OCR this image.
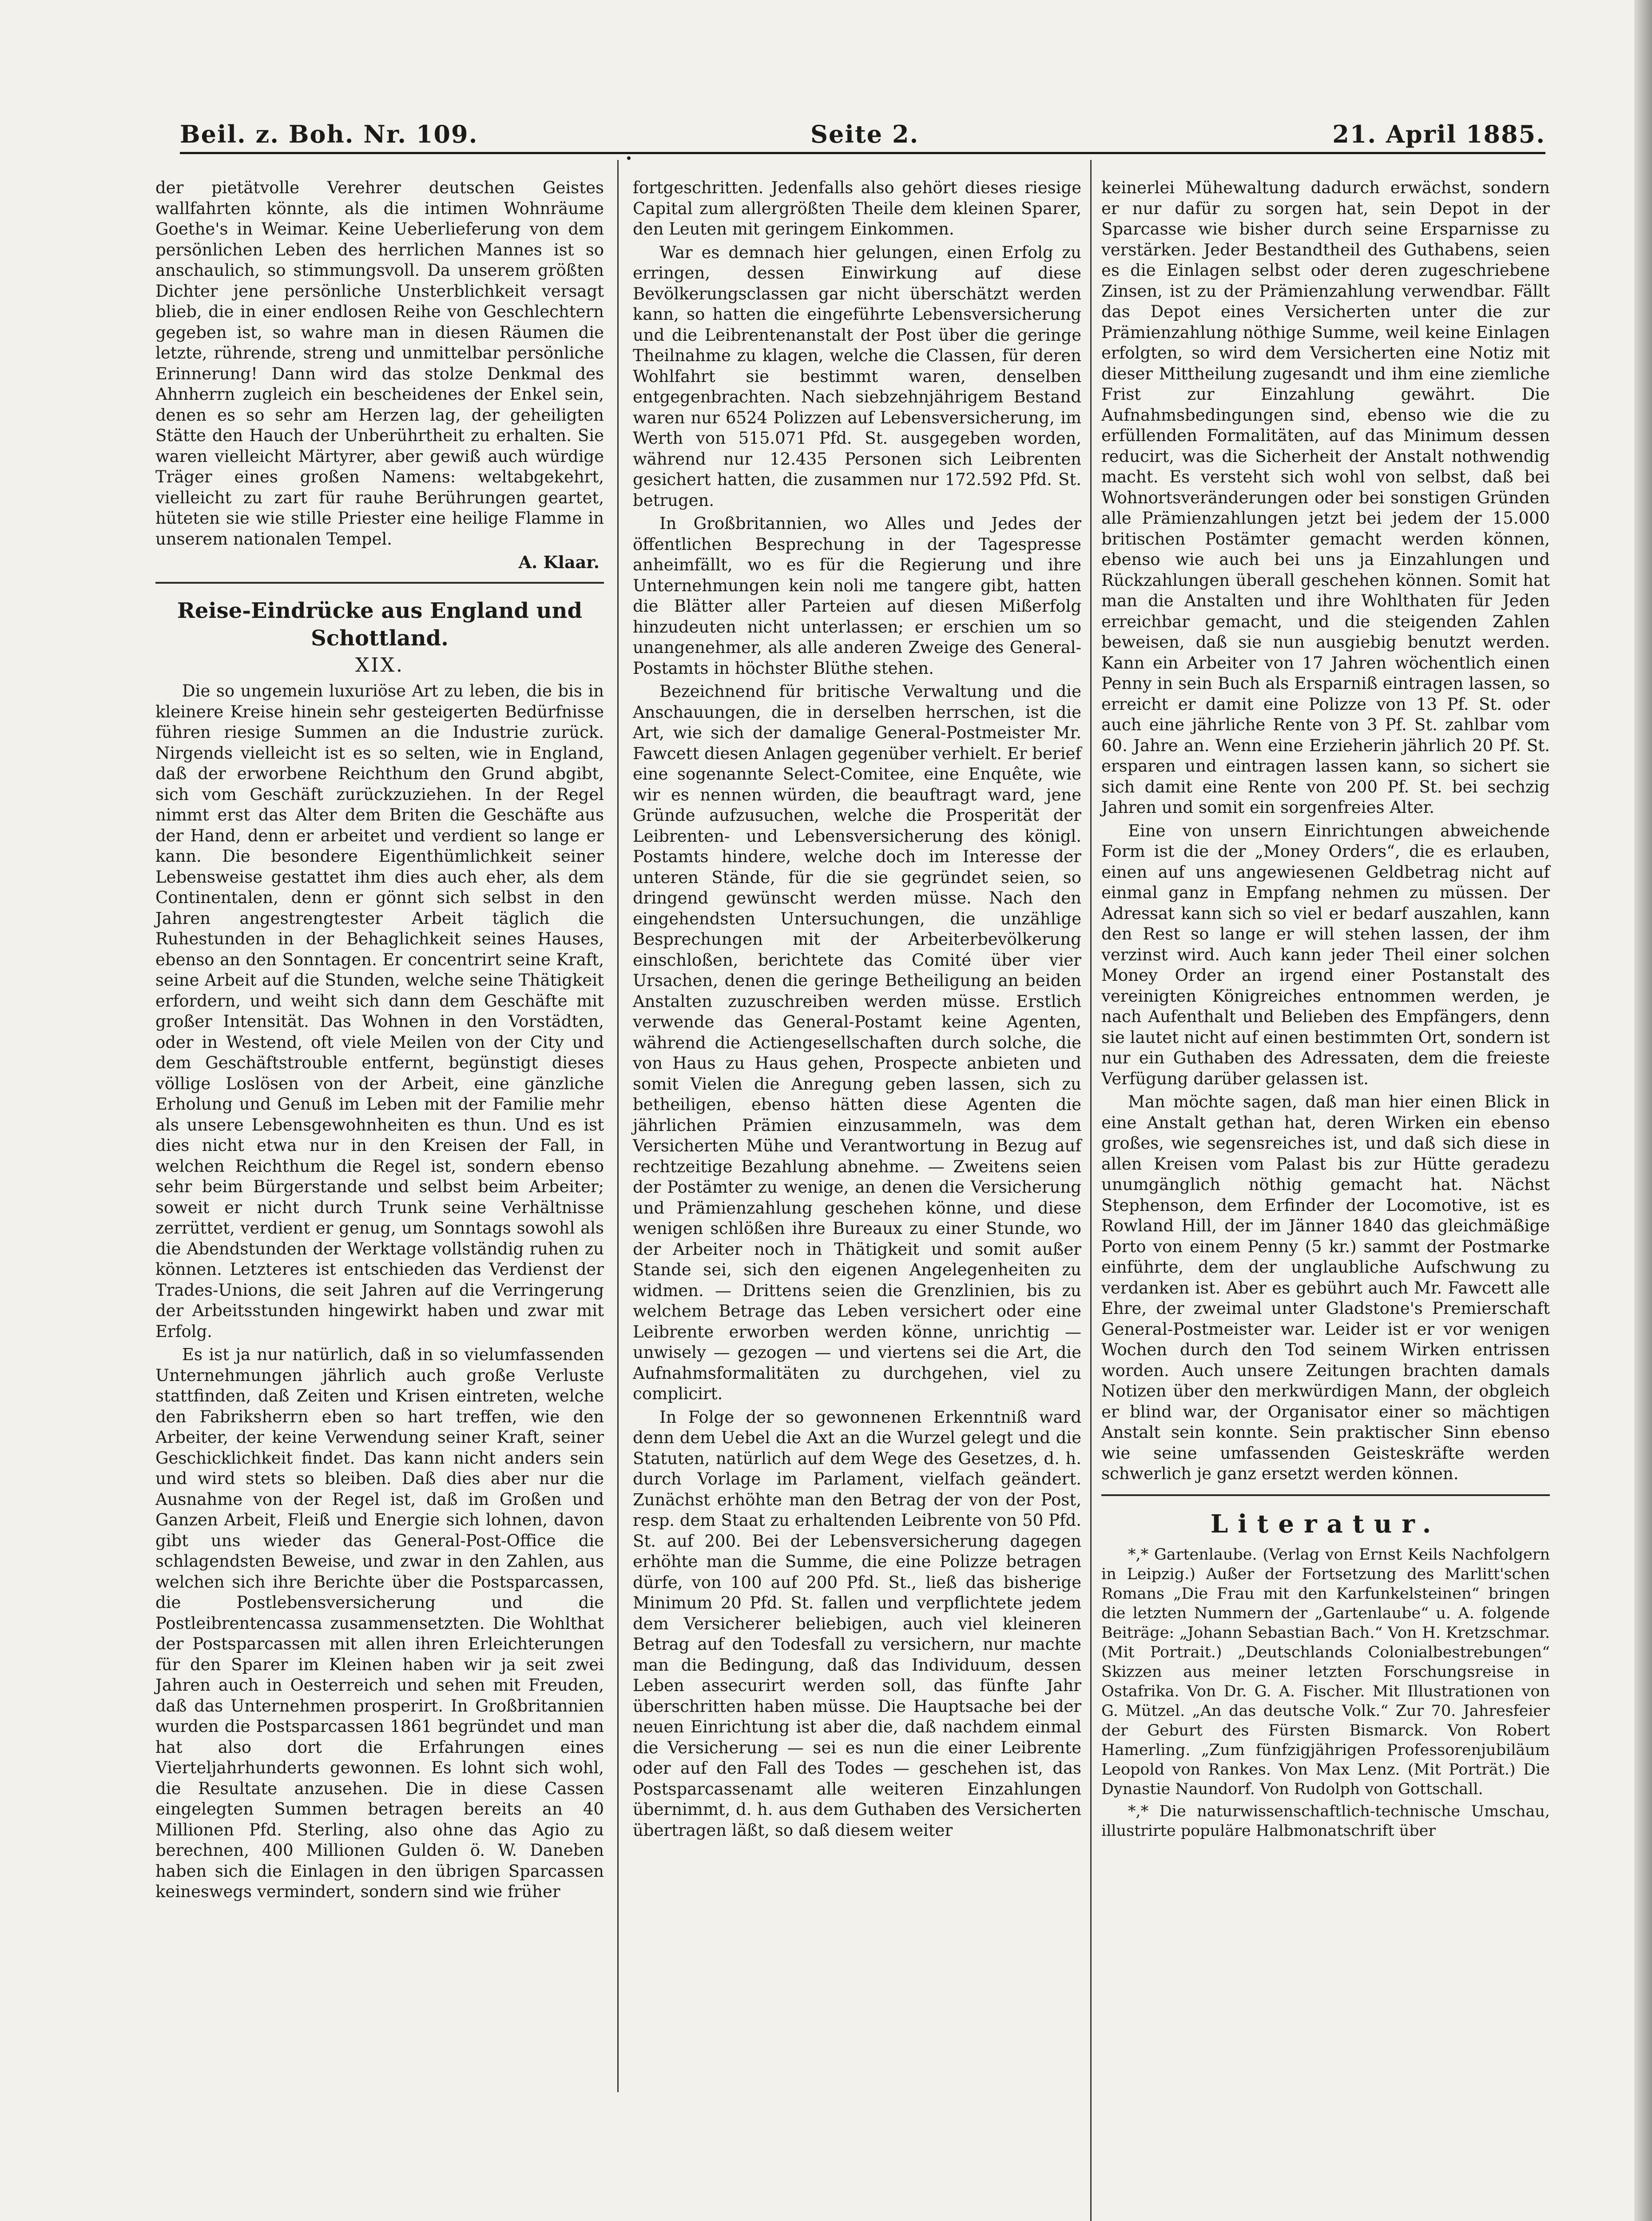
Beil. z. Boh. Nr. 109.	Seite 2.	21. April 1885.

der pietätvolle Verehrer deutschen Geistes wallfahrten könnte, als die intimen Wohnräume Goethe's in Weimar. Keine Ueberlieferung von dem persönlichen Leben des herrlichen Mannes ist so anschaulich, so stimmungsvoll. Da unserem größten Dichter jene persönliche Unsterblichkeit versagt blieb, die in einer endlosen Reihe von Geschlechtern gegeben ist, so wahre man in diesen Räumen die letzte, rührende, streng und unmittelbar persönliche Erinnerung! Dann wird das stolze Denkmal des Ahnherrn zugleich ein bescheidenes der Enkel sein, denen es so sehr am Herzen lag, der geheiligten Stätte den Hauch der Unberührtheit zu erhalten. Sie waren vielleicht Märtyrer, aber gewiß auch würdige Träger eines großen Namens: weltabgekehrt, vielleicht zu zart für rauhe Berührungen geartet, hüteten sie wie stille Priester eine heilige Flamme in unserem nationalen Tempel.

A. Klaar.
Reise-Eindrücke aus England und Schottland.
XIX.

Die so ungemein luxuriöse Art zu leben, die bis in kleinere Kreise hinein sehr gesteigerten Bedürfnisse führen riesige Summen an die Industrie zurück. Nirgends vielleicht ist es so selten, wie in England, daß der erworbene Reichthum den Grund abgibt, sich vom Geschäft zurückzuziehen. In der Regel nimmt erst das Alter dem Briten die Geschäfte aus der Hand, denn er arbeitet und verdient so lange er kann. Die besondere Eigenthümlichkeit seiner Lebensweise gestattet ihm dies auch eher, als dem Continentalen, denn er gönnt sich selbst in den Jahren angestrengtester Arbeit täglich die Ruhestunden in der Behaglichkeit seines Hauses, ebenso an den Sonntagen. Er concentrirt seine Kraft, seine Arbeit auf die Stunden, welche seine Thätigkeit erfordern, und weiht sich dann dem Geschäfte mit großer Intensität. Das Wohnen in den Vorstädten, oder in Westend, oft viele Meilen von der City und dem Geschäftstrouble entfernt, begünstigt dieses völlige Loslösen von der Arbeit, eine gänzliche Erholung und Genuß im Leben mit der Familie mehr als unsere Lebensgewohnheiten es thun. Und es ist dies nicht etwa nur in den Kreisen der Fall, in welchen Reichthum die Regel ist, sondern ebenso sehr beim Bürgerstande und selbst beim Arbeiter; soweit er nicht durch Trunk seine Verhältnisse zerrüttet, verdient er genug, um Sonntags sowohl als die Abendstunden der Werktage vollständig ruhen zu können. Letzteres ist entschieden das Verdienst der Trades-Unions, die seit Jahren auf die Verringerung der Arbeitsstunden hingewirkt haben und zwar mit Erfolg.

Es ist ja nur natürlich, daß in so vielumfassenden Unternehmungen jährlich auch große Verluste stattfinden, daß Zeiten und Krisen eintreten, welche den Fabriksherrn eben so hart treffen, wie den Arbeiter, der keine Verwendung seiner Kraft, seiner Geschicklichkeit findet. Das kann nicht anders sein und wird stets so bleiben. Daß dies aber nur die Ausnahme von der Regel ist, daß im Großen und Ganzen Arbeit, Fleiß und Energie sich lohnen, davon gibt uns wieder das General-Post-Office die schlagendsten Beweise, und zwar in den Zahlen, aus welchen sich ihre Berichte über die Postsparcassen, die Postlebensversicherung und die Postleibrentencassa zusammensetzten. Die Wohlthat der Postsparcassen mit allen ihren Erleichterungen für den Sparer im Kleinen haben wir ja seit zwei Jahren auch in Oesterreich und sehen mit Freuden, daß das Unternehmen prosperirt. In Großbritannien wurden die Postsparcassen 1861 begründet und man hat also dort die Erfahrungen eines Vierteljahrhunderts gewonnen. Es lohnt sich wohl, die Resultate anzusehen. Die in diese Cassen eingelegten Summen betragen bereits an 40 Millionen Pfd. Sterling, also ohne das Agio zu berechnen, 400 Millionen Gulden ö. W. Daneben haben sich die Einlagen in den übrigen Sparcassen keineswegs vermindert, sondern sind wie früher

fortgeschritten. Jedenfalls also gehört dieses riesige Capital zum allergrößten Theile dem kleinen Sparer, den Leuten mit geringem Einkommen.

War es demnach hier gelungen, einen Erfolg zu erringen, dessen Einwirkung auf diese Bevölkerungsclassen gar nicht überschätzt werden kann, so hatten die eingeführte Lebensversicherung und die Leibrentenanstalt der Post über die geringe Theilnahme zu klagen, welche die Classen, für deren Wohlfahrt sie bestimmt waren, denselben entgegenbrachten. Nach siebzehnjährigem Bestand waren nur 6524 Polizzen auf Lebensversicherung, im Werth von 515.071 Pfd. St. ausgegeben worden, während nur 12.435 Personen sich Leibrenten gesichert hatten, die zusammen nur 172.592 Pfd. St. betrugen.

In Großbritannien, wo Alles und Jedes der öffentlichen Besprechung in der Tagespresse anheimfällt, wo es für die Regierung und ihre Unternehmungen kein noli me tangere gibt, hatten die Blätter aller Parteien auf diesen Mißerfolg hinzudeuten nicht unterlassen; er erschien um so unangenehmer, als alle anderen Zweige des General-Postamts in höchster Blüthe stehen.

Bezeichnend für britische Verwaltung und die Anschauungen, die in derselben herrschen, ist die Art, wie sich der damalige General-Postmeister Mr. Fawcett diesen Anlagen gegenüber verhielt. Er berief eine sogenannte Select-Comitee, eine Enquête, wie wir es nennen würden, die beauftragt ward, jene Gründe aufzusuchen, welche die Prosperität der Leibrenten- und Lebensversicherung des königl. Postamts hindere, welche doch im Interesse der unteren Stände, für die sie gegründet seien, so dringend gewünscht werden müsse. Nach den eingehendsten Untersuchungen, die unzählige Besprechungen mit der Arbeiterbevölkerung einschloßen, berichtete das Comité über vier Ursachen, denen die geringe Betheiligung an beiden Anstalten zuzuschreiben werden müsse. Erstlich verwende das General-Postamt keine Agenten, während die Actiengesellschaften durch solche, die von Haus zu Haus gehen, Prospecte anbieten und somit Vielen die Anregung geben lassen, sich zu betheiligen, ebenso hätten diese Agenten die jährlichen Prämien einzusammeln, was dem Versicherten Mühe und Verantwortung in Bezug auf rechtzeitige Bezahlung abnehme. — Zweitens seien der Postämter zu wenige, an denen die Versicherung und Prämienzahlung geschehen könne, und diese wenigen schlößen ihre Bureaux zu einer Stunde, wo der Arbeiter noch in Thätigkeit und somit außer Stande sei, sich den eigenen Angelegenheiten zu widmen. — Drittens seien die Grenzlinien, bis zu welchem Betrage das Leben versichert oder eine Leibrente erworben werden könne, unrichtig — unwisely — gezogen — und viertens sei die Art, die Aufnahmsformalitäten zu durchgehen, viel zu complicirt.

In Folge der so gewonnenen Erkenntniß ward denn dem Uebel die Axt an die Wurzel gelegt und die Statuten, natürlich auf dem Wege des Gesetzes, d. h. durch Vorlage im Parlament, vielfach geändert. Zunächst erhöhte man den Betrag der von der Post, resp. dem Staat zu erhaltenden Leibrente von 50 Pfd. St. auf 200. Bei der Lebensversicherung dagegen erhöhte man die Summe, die eine Polizze betragen dürfe, von 100 auf 200 Pfd. St., ließ das bisherige Minimum 20 Pfd. St. fallen und verpflichtete jedem dem Versicherer beliebigen, auch viel kleineren Betrag auf den Todesfall zu versichern, nur machte man die Bedingung, daß das Individuum, dessen Leben assecurirt werden soll, das fünfte Jahr überschritten haben müsse. Die Hauptsache bei der neuen Einrichtung ist aber die, daß nachdem einmal die Versicherung — sei es nun die einer Leibrente oder auf den Fall des Todes — geschehen ist, das Postsparcassenamt alle weiteren Einzahlungen übernimmt, d. h. aus dem Guthaben des Versicherten übertragen läßt, so daß diesem weiter

keinerlei Mühewaltung dadurch erwächst, sondern er nur dafür zu sorgen hat, sein Depot in der Sparcasse wie bisher durch seine Ersparnisse zu verstärken. Jeder Bestandtheil des Guthabens, seien es die Einlagen selbst oder deren zugeschriebene Zinsen, ist zu der Prämienzahlung verwendbar. Fällt das Depot eines Versicherten unter die zur Prämienzahlung nöthige Summe, weil keine Einlagen erfolgten, so wird dem Versicherten eine Notiz mit dieser Mittheilung zugesandt und ihm eine ziemliche Frist zur Einzahlung gewährt. Die Aufnahmsbedingungen sind, ebenso wie die zu erfüllenden Formalitäten, auf das Minimum dessen reducirt, was die Sicherheit der Anstalt nothwendig macht. Es versteht sich wohl von selbst, daß bei Wohnortsveränderungen oder bei sonstigen Gründen alle Prämienzahlungen jetzt bei jedem der 15.000 britischen Postämter gemacht werden können, ebenso wie auch bei uns ja Einzahlungen und Rückzahlungen überall geschehen können. Somit hat man die Anstalten und ihre Wohlthaten für Jeden erreichbar gemacht, und die steigenden Zahlen beweisen, daß sie nun ausgiebig benutzt werden. Kann ein Arbeiter von 17 Jahren wöchentlich einen Penny in sein Buch als Ersparniß eintragen lassen, so erreicht er damit eine Polizze von 13 Pf. St. oder auch eine jährliche Rente von 3 Pf. St. zahlbar vom 60. Jahre an. Wenn eine Erzieherin jährlich 20 Pf. St. ersparen und eintragen lassen kann, so sichert sie sich damit eine Rente von 200 Pf. St. bei sechzig Jahren und somit ein sorgenfreies Alter.

Eine von unsern Einrichtungen abweichende Form ist die der „Money Orders“, die es erlauben, einen auf uns angewiesenen Geldbetrag nicht auf einmal ganz in Empfang nehmen zu müssen. Der Adressat kann sich so viel er bedarf auszahlen, kann den Rest so lange er will stehen lassen, der ihm verzinst wird. Auch kann jeder Theil einer solchen Money Order an irgend einer Postanstalt des vereinigten Königreiches entnommen werden, je nach Aufenthalt und Belieben des Empfängers, denn sie lautet nicht auf einen bestimmten Ort, sondern ist nur ein Guthaben des Adressaten, dem die freieste Verfügung darüber gelassen ist.

Man möchte sagen, daß man hier einen Blick in eine Anstalt gethan hat, deren Wirken ein ebenso großes, wie segensreiches ist, und daß sich diese in allen Kreisen vom Palast bis zur Hütte geradezu unumgänglich nöthig gemacht hat. Nächst Stephenson, dem Erfinder der Locomotive, ist es Rowland Hill, der im Jänner 1840 das gleichmäßige Porto von einem Penny (5 kr.) sammt der Postmarke einführte, dem der unglaubliche Aufschwung zu verdanken ist. Aber es gebührt auch Mr. Fawcett alle Ehre, der zweimal unter Gladstone's Premierschaft General-Postmeister war. Leider ist er vor wenigen Wochen durch den Tod seinem Wirken entrissen worden. Auch unsere Zeitungen brachten damals Notizen über den merkwürdigen Mann, der obgleich er blind war, der Organisator einer so mächtigen Anstalt sein konnte. Sein praktischer Sinn ebenso wie seine umfassenden Geisteskräfte werden schwerlich je ganz ersetzt werden können.

Literatur.

*,* Gartenlaube. (Verlag von Ernst Keils Nachfolgern in Leipzig.) Außer der Fortsetzung des Marlitt'schen Romans „Die Frau mit den Karfunkelsteinen“ bringen die letzten Nummern der „Gartenlaube“ u. A. folgende Beiträge: „Johann Sebastian Bach.“ Von H. Kretzschmar. (Mit Portrait.) „Deutschlands Colonialbestrebungen“ Skizzen aus meiner letzten Forschungsreise in Ostafrika. Von Dr. G. A. Fischer. Mit Illustrationen von G. Mützel. „An das deutsche Volk.“ Zur 70. Jahresfeier der Geburt des Fürsten Bismarck. Von Robert Hamerling. „Zum fünfzigjährigen Professorenjubiläum Leopold von Rankes. Von Max Lenz. (Mit Porträt.) Die Dynastie Naundorf. Von Rudolph von Gottschall.

*,* Die naturwissenschaftlich-technische Umschau, illustrirte populäre Halbmonatschrift über
